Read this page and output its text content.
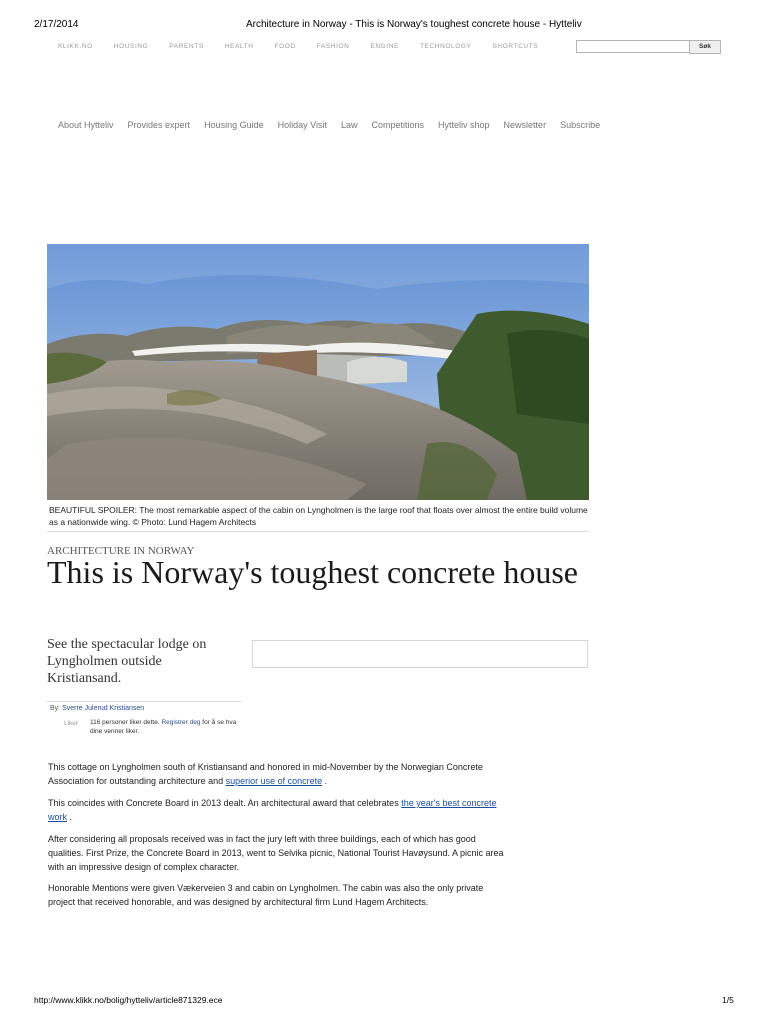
2/17/2014	Architecture in Norway - This is Norway's toughest concrete house - Hytteliv
KLIKK.NO	HOUSING	PARENTS	HEALTH	FOOD	FASHION	ENGINE	TECHNOLOGY	SHORTCUTS	Søk
About Hytteliv Provides expert Housing Guide Holiday Visit Law Competitions Hytteliv shop Newsletter Subscribe
BEAUTIFUL SPOILER: The most remarkable aspect of the cabin on Lyngholmen is the large roof that floats over almost the entire build volume as a nationwide wing. © Photo: Lund Hagem Architects
ARCHITECTURE IN NORWAY
This is Norway's toughest concrete house
See the spectacular lodge on Lyngholmen outside Kristiansand.
By: Sverre Julerud Kristiansen
Liker 116 personer liker dette. Registrer deg for å se hva dine venner liker.
This cottage on Lyngholmen south of Kristiansand and honored in mid-November by the Norwegian Concrete Association for outstanding architecture and superior use of concrete .
This coincides with Concrete Board in 2013 dealt. An architectural award that celebrates the year's best concrete work .
After considering all proposals received was in fact the jury left with three buildings, each of which has good qualities. First Prize, the Concrete Board in 2013, went to Selvika picnic, National Tourist Havøysund. A picnic area with an impressive design of complex character.
Honorable Mentions were given Vækerveien 3 and cabin on Lyngholmen. The cabin was also the only private project that received honorable, and was designed by architectural firm Lund Hagem Architects.
http://www.klikk.no/bolig/hytteliv/article871329.ece	1/5
